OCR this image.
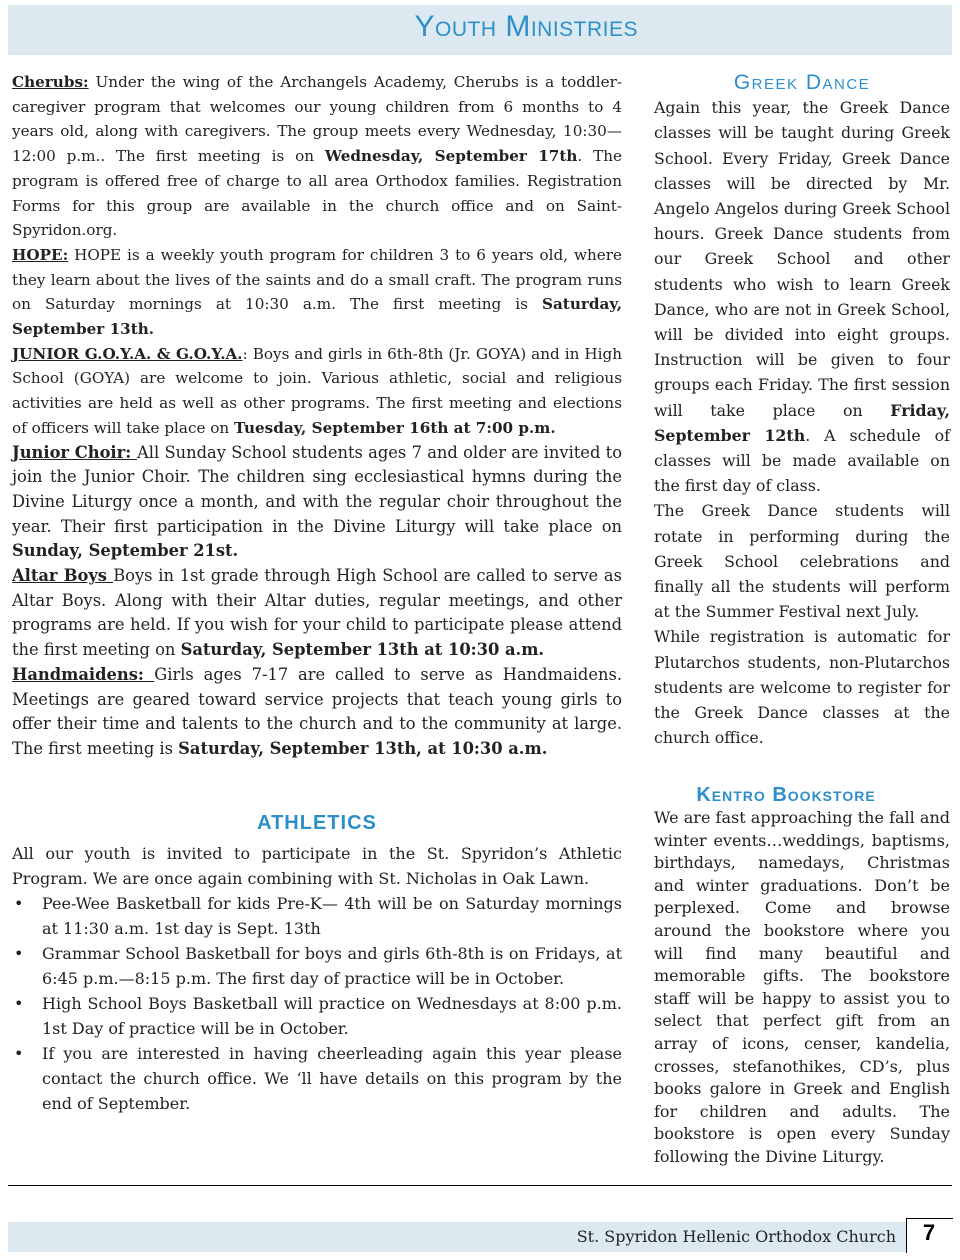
Youth Ministries

Cherubs: Under the wing of the Archangels Academy, Cherubs is a toddler-caregiver program that welcomes our young children from 6 months to 4 years old, along with caregivers. The group meets every Wednesday, 10:30—12:00 p.m.. The first meeting is on Wednesday, September 17th. The program is offered free of charge to all area Orthodox families. Registration Forms for this group are available in the church office and on Saint-Spyridon.org.

HOPE: HOPE is a weekly youth program for children 3 to 6 years old, where they learn about the lives of the saints and do a small craft. The program runs on Saturday mornings at 10:30 a.m. The first meeting is Saturday, September 13th.

JUNIOR G.O.Y.A. & G.O.Y.A.: Boys and girls in 6th-8th (Jr. GOYA) and in High School (GOYA) are welcome to join. Various athletic, social and religious activities are held as well as other programs. The first meeting and elections of officers will take place on Tuesday, September 16th at 7:00 p.m.

Junior Choir: All Sunday School students ages 7 and older are invited to join the Junior Choir. The children sing ecclesiastical hymns during the Divine Liturgy once a month, and with the regular choir throughout the year. Their first participation in the Divine Liturgy will take place on Sunday, September 21st.

Altar Boys Boys in 1st grade through High School are called to serve as Altar Boys. Along with their Altar duties, regular meetings, and other programs are held. If you wish for your child to participate please attend the first meeting on Saturday, September 13th at 10:30 a.m.

Handmaidens: Girls ages 7-17 are called to serve as Handmaidens. Meetings are geared toward service projects that teach young girls to offer their time and talents to the church and to the community at large. The first meeting is Saturday, September 13th, at 10:30 a.m.

ATHLETICS

All our youth is invited to participate in the St. Spyridon’s Athletic Program. We are once again combining with St. Nicholas in Oak Lawn.

• Pee-Wee Basketball for kids Pre-K— 4th will be on Saturday mornings at 11:30 a.m. 1st day is Sept. 13th
• Grammar School Basketball for boys and girls 6th-8th is on Fridays, at 6:45 p.m.—8:15 p.m. The first day of practice will be in October.
• High School Boys Basketball will practice on Wednesdays at 8:00 p.m. 1st Day of practice will be in October.
• If you are interested in having cheerleading again this year please contact the church office. We ‘ll have details on this program by the end of September.
Greek Dance

Again this year, the Greek Dance classes will be taught during Greek School. Every Friday, Greek Dance classes will be directed by Mr. Angelo Angelos during Greek School hours. Greek Dance students from our Greek School and other students who wish to learn Greek Dance, who are not in Greek School, will be divided into eight groups. Instruction will be given to four groups each Friday. The first session will take place on Friday, September 12th. A schedule of classes will be made available on the first day of class.

The Greek Dance students will rotate in performing during the Greek School celebrations and finally all the students will perform at the Summer Festival next July.

While registration is automatic for Plutarchos students, non-Plutarchos students are welcome to register for the Greek Dance classes at the church office.

Kentro Bookstore
We are fast approaching the fall and winter events…weddings, baptisms, birthdays, namedays, Christmas and winter graduations. Don’t be perplexed. Come and browse around the bookstore where you will find many beautiful and memorable gifts. The bookstore staff will be happy to assist you to select that perfect gift from an array of icons, censer, kandelia, crosses, stefanothikes, CD’s, plus books galore in Greek and English for children and adults. The bookstore is open every Sunday following the Divine Liturgy.
St. Spyridon Hellenic Orthodox Church	7
